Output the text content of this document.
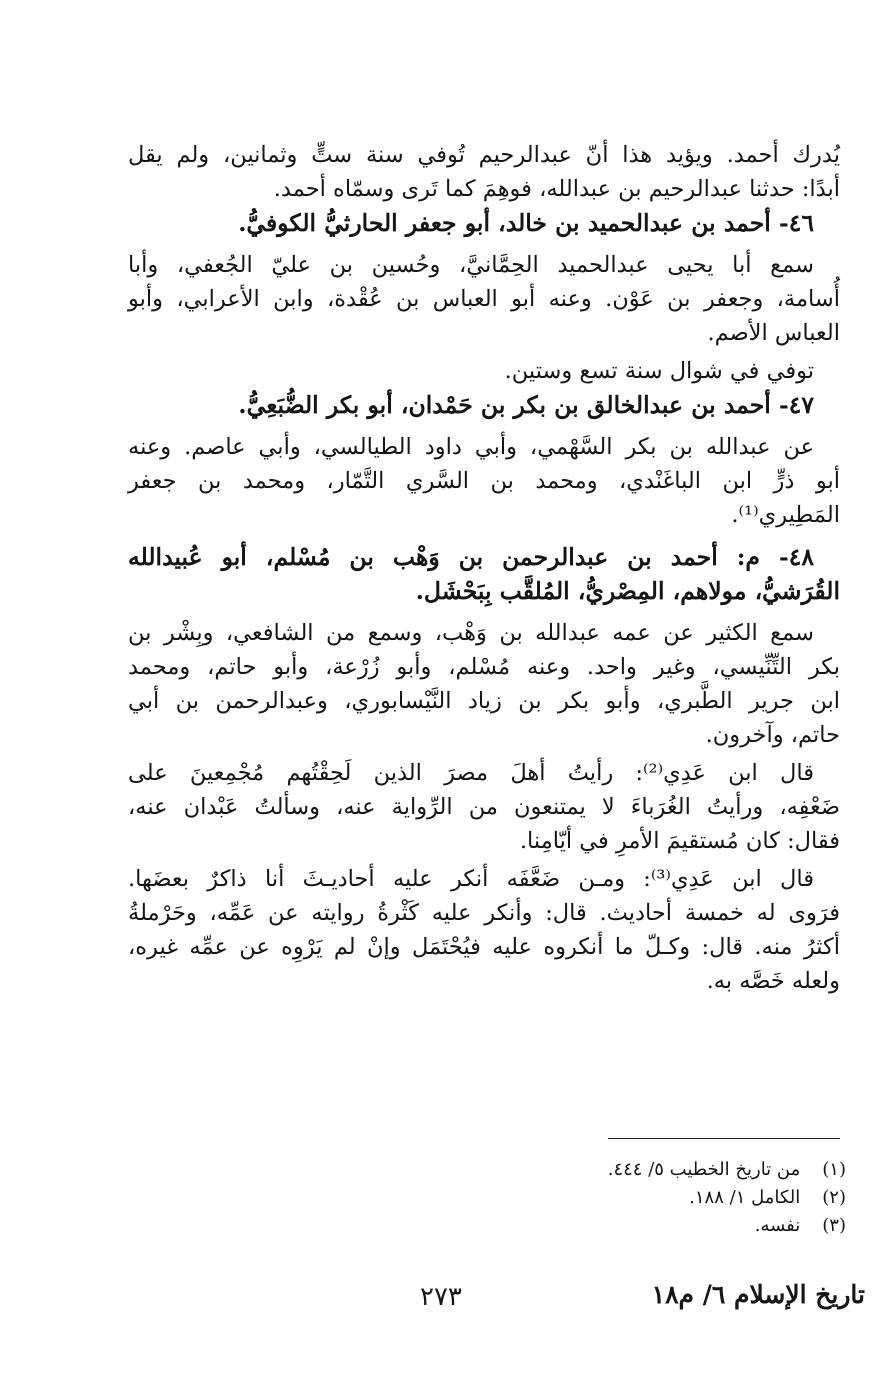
يُدرك أحمد. ويؤيد هذا أنّ عبدالرحيم تُوفي سنة ستٍّ وثمانين، ولم يقل
أبدًا: حدثنا عبدالرحيم بن عبدالله، فوهِمَ كما تَرى وسمّاه أحمد.
٤٦- أحمد بن عبدالحميد بن خالد، أبو جعفر الحارثيُّ الكوفيُّ.
سمع أبا يحيى عبدالحميد الحِمَّانيَّ، وحُسين بن عليّ الجُعفي، وأبا
أُسامة، وجعفر بن عَوْن. وعنه أبو العباس بن عُقْدة، وابن الأعرابي، وأبو
العباس الأصم.
توفي في شوال سنة تسع وستين.
٤٧- أحمد بن عبدالخالق بن بكر بن حَمْدان، أبو بكر الضُّبَعِيُّ.
عن عبدالله بن بكر السَّهْمي، وأبي داود الطيالسي، وأبي عاصم. وعنه
أبو ذرٍّ ابن الباغَنْدي، ومحمد بن السَّري التَّمّار، ومحمد بن جعفر
المَطِيري⁽¹⁾.
٤٨- م: أحمد بن عبدالرحمن بن وَهْب بن مُسْلم، أبو عُبيدالله
القُرَشيُّ، مولاهم، المِصْريُّ، المُلقَّب بِبَحْشَل.
سمع الكثير عن عمه عبدالله بن وَهْب، وسمع من الشافعي، وبِشْر بن
بكر التِّنِّيسي، وغير واحد. وعنه مُسْلم، وأبو زُرْعة، وأبو حاتم، ومحمد
ابن جرير الطَّبري، وأبو بكر بن زياد النَّيْسابوري، وعبدالرحمن بن أبي
حاتم، وآخرون.
قال ابن عَدِي⁽²⁾: رأيتُ أهلَ مصرَ الذين لَحِقْتُهم مُجْمِعينَ على
ضَعْفِه، ورأيتُ الغُرَباءَ لا يمتنعون من الرِّواية عنه، وسألتُ عَبْدان عنه،
فقال: كان مُستقيمَ الأمرِ في أيّامِنا.
قال ابن عَدِي⁽³⁾: ومـن ضَعَّفَه أنكر عليه أحاديـثَ أنا ذاكرٌ بعضَها.
فرَوى له خمسة أحاديث. قال: وأنكر عليه كَثْرةُ روايته عن عَمِّه، وحَرْملةُ
أكثرُ منه. قال: وكـلّ ما أنكروه عليه فيُحْتَمَل وإنْ لم يَرْوِه عن عمِّه غيره،
ولعله خَصَّه به.
(١) من تاريخ الخطيب ٥/ ٤٤٤.
(٢) الكامل ١/ ١٨٨.
(٣) نفسه.
تاريخ الإسلام ٦/ م١٨
٢٧٣
